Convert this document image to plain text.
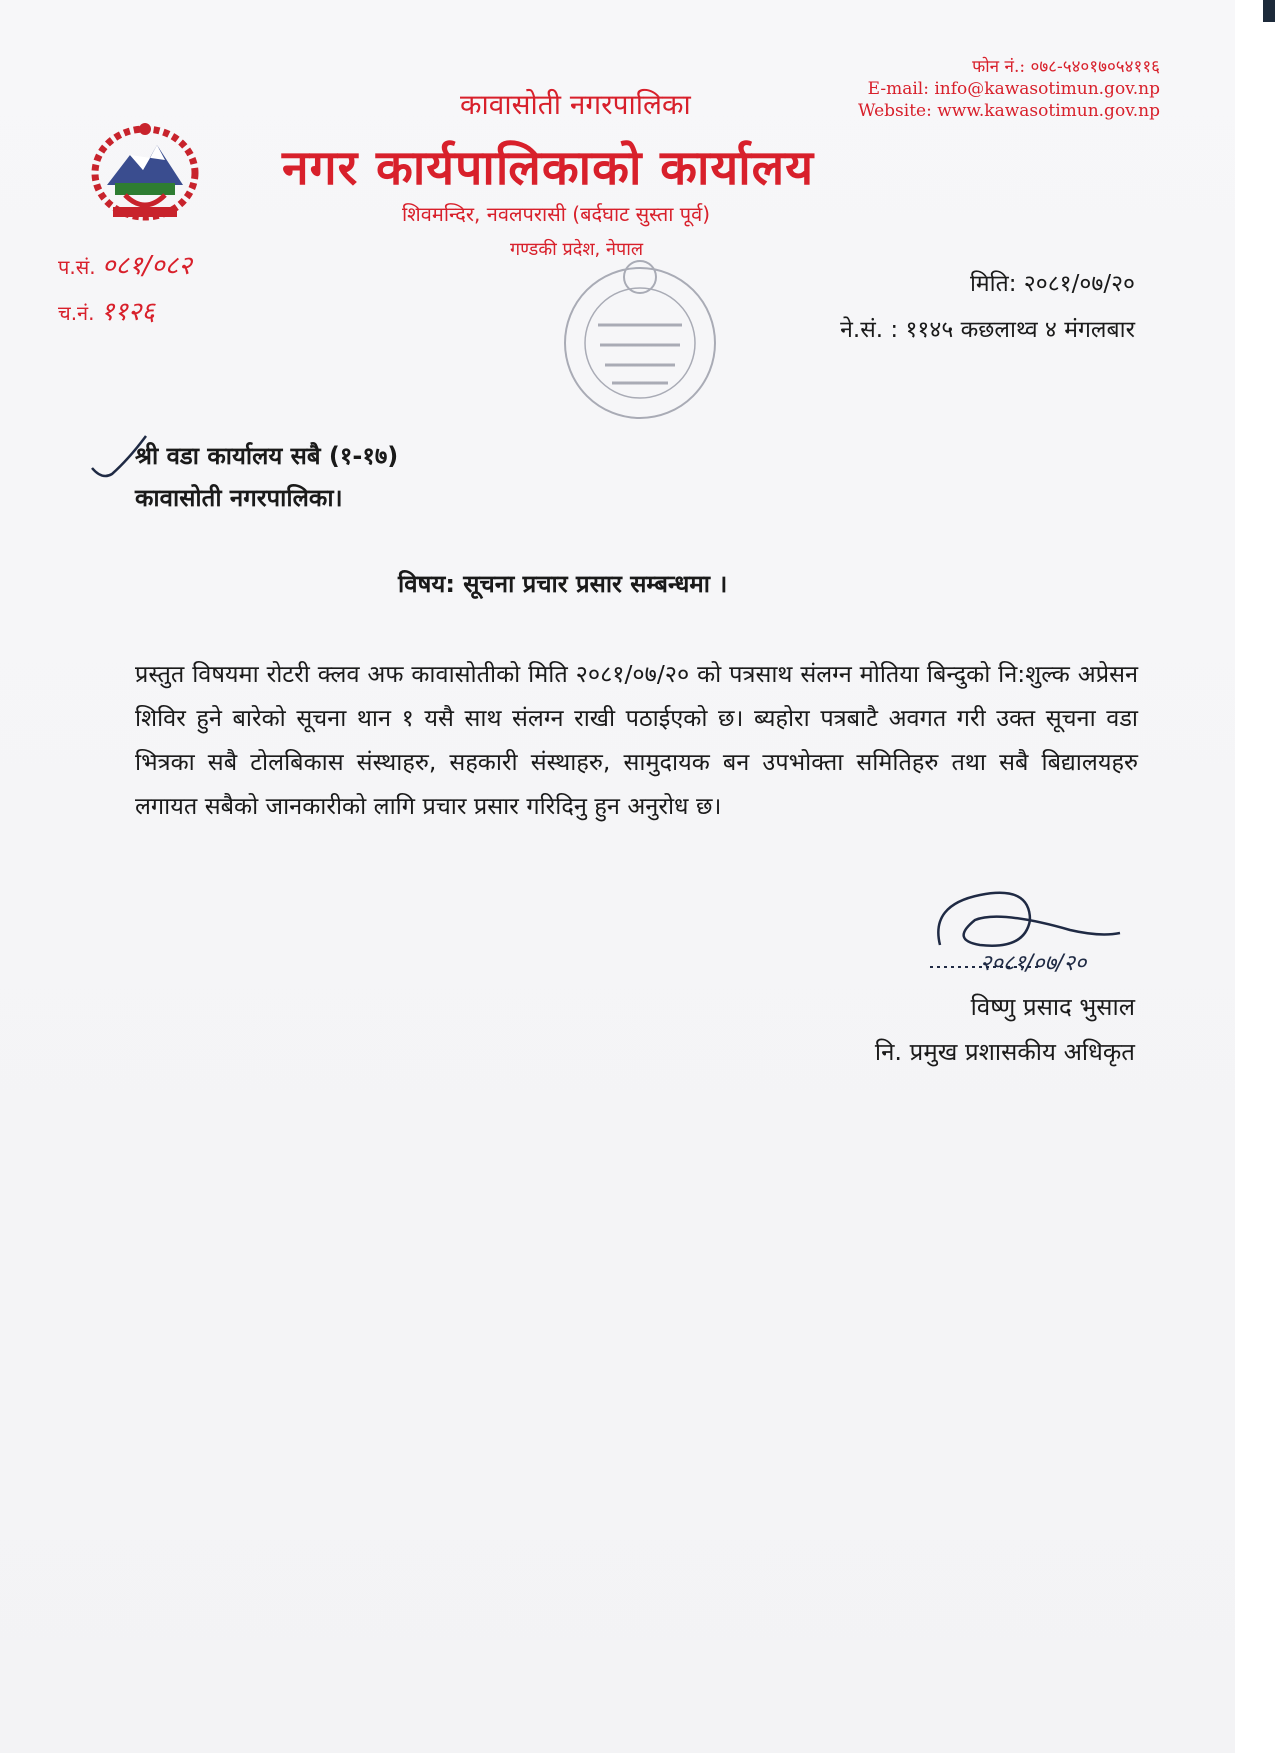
फोन नं.: ०७८-५४०१७०५४११६
E-mail: info@kawasotimun.gov.np
Website: www.kawasotimun.gov.np
कावासोती नगरपालिका
नगर कार्यपालिकाको कार्यालय
शिवमन्दिर, नवलपरासी (बर्दघाट सुस्ता पूर्व)
गण्डकी प्रदेश, नेपाल
प.सं. ०८१/०८२
च.नं. ११२६
मिति: २०८१/०७/२०
ने.सं. : ११४५ कछलाथ्व ४ मंगलबार
श्री वडा कार्यालय सबै (१-१७)
कावासोती नगरपालिका।
विषय: सूचना प्रचार प्रसार सम्बन्धमा ।
प्रस्तुत विषयमा रोटरी क्लव अफ कावासोतीको मिति २०८१/०७/२० को पत्रसाथ संलग्न मोतिया बिन्दुको नि:शुल्क अप्रेसन शिविर हुने बारेको सूचना थान १ यसै साथ संलग्न राखी पठाईएको छ। ब्यहोरा पत्रबाटै अवगत गरी उक्त सूचना वडा भित्रका सबै टोलबिकास संस्थाहरु, सहकारी संस्थाहरु, सामुदायक बन उपभोक्ता समितिहरु तथा सबै बिद्यालयहरु लगायत सबैको जानकारीको लागि प्रचार प्रसार गरिदिनु हुन अनुरोध छ।
२०८१/०७/२०
विष्णु प्रसाद भुसाल
नि. प्रमुख प्रशासकीय अधिकृत
